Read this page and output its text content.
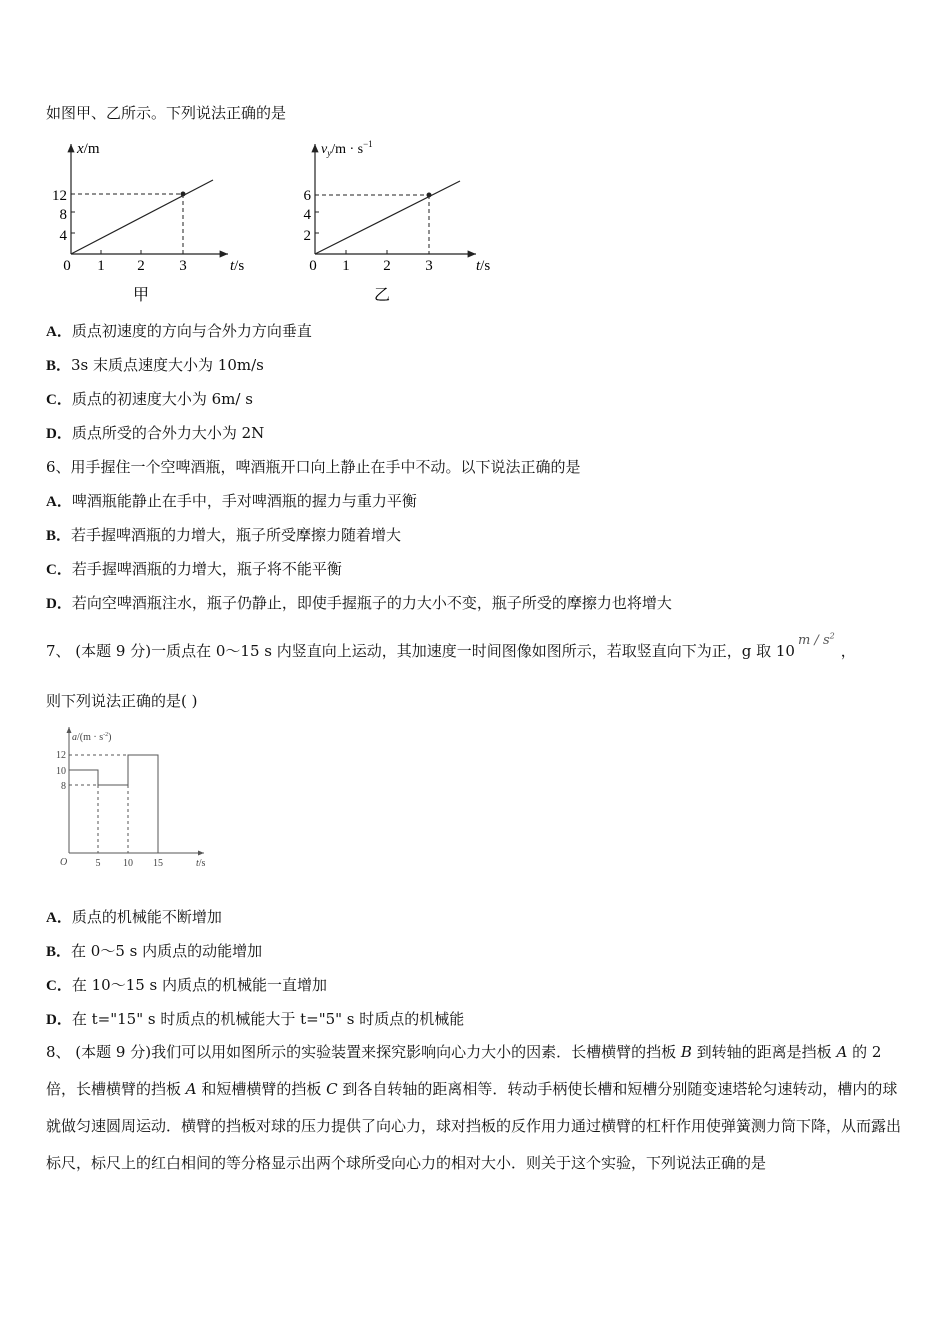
如图甲、乙所示。下列说法正确的是
x/m
12
8
4
0 1 2 3	t/s
甲
$v_y/m \cdot s^{-1}$
6
4
2
0 1 2 3	t/s
乙
A．质点初速度的方向与合外力方向垂直
B．3s 末质点速度大小为 10m/s
C．质点的初速度大小为 6m/ s
D．质点所受的合外力大小为 2N
6、用手握住一个空啤酒瓶，啤酒瓶开口向上静止在手中不动。以下说法正确的是
A．啤酒瓶能静止在手中，手对啤酒瓶的握力与重力平衡
B．若手握啤酒瓶的力增大，瓶子所受摩擦力随着增大
C．若手握啤酒瓶的力增大，瓶子将不能平衡
D．若向空啤酒瓶注水，瓶子仍静止，即使手握瓶子的力大小不变，瓶子所受的摩擦力也将增大
7、 (本题 9 分)一质点在 0～15 s 内竖直向上运动，其加速度一时间图像如图所示，若取竖直向下为正，g 取 $10m / s^2$，
则下列说法正确的是( )
$a/(m \cdot s^{-2})$
12
10
8
O	5 10 15	t/s
A．质点的机械能不断增加
B．在 0～5 s 内质点的动能增加
C．在 10～15 s 内质点的机械能一直增加
D．在 t="15" s 时质点的机械能大于 t="5" s 时质点的机械能
8、 (本题 9 分)我们可以用如图所示的实验装置来探究影响向心力大小的因素．长槽横臂的挡板 B 到转轴的距离是挡板 A 的 2 倍，长槽横臂的挡板 A 和短槽横臂的挡板 C 到各自转轴的距离相等．转动手柄使长槽和短槽分别随变速塔轮匀速转动，槽内的球就做匀速圆周运动．横臂的挡板对球的压力提供了向心力，球对挡板的反作用力通过横臂的杠杆作用使弹簧测力筒下降，从而露出标尺，标尺上的红白相间的等分格显示出两个球所受向心力的相对大小．则关于这个实验，下列说法正确的是
